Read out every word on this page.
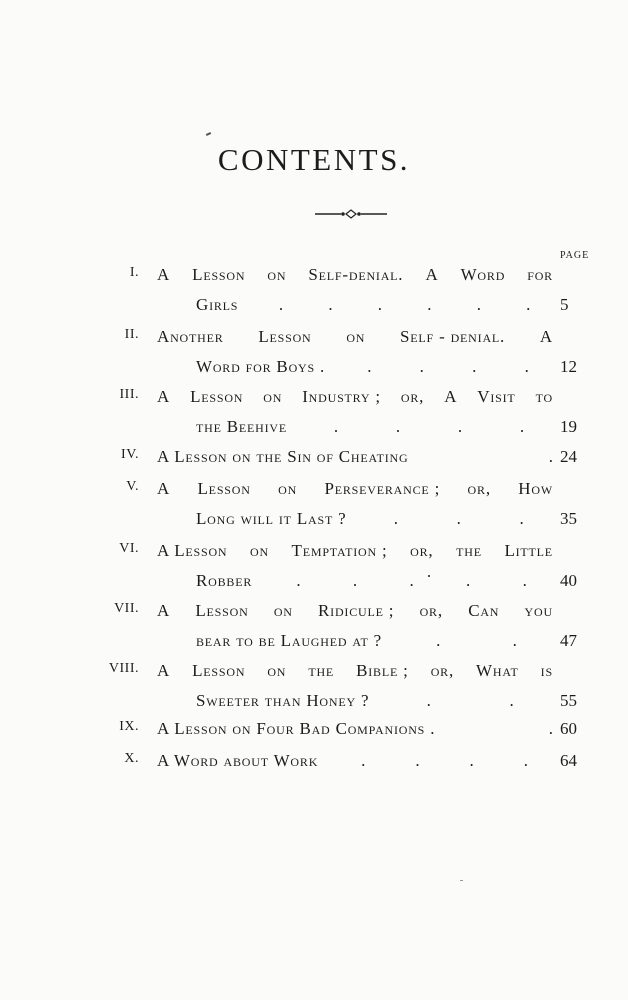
CONTENTS.
PAGE
I. A Lesson on Self-denial. A Word for
Girls .	.	.	.	.	. 5
II. Another Lesson on Self - denial. A
Word for Boys . .	.	.	. 12
III. A Lesson on Industry ; or, A Visit to
the Beehive	.	.	.	. 19
IV. A Lesson on the Sin of Cheating	. 24
V. A Lesson on Perseverance ; or, How
Long will it Last ?	.	.	. 35
VI. A Lesson on Temptation ; or, the Little
Robber	.	.	.	.	. 40
VII. A Lesson on Ridicule ; or, Can you
bear to be Laughed at ?	.	.	47
VIII. A Lesson on the Bible ; or, What is
Sweeter than Honey ?	.	.	55
IX. A Lesson on Four Bad Companions .	. 60
X. A Word about Work	.	.	.	. 64
